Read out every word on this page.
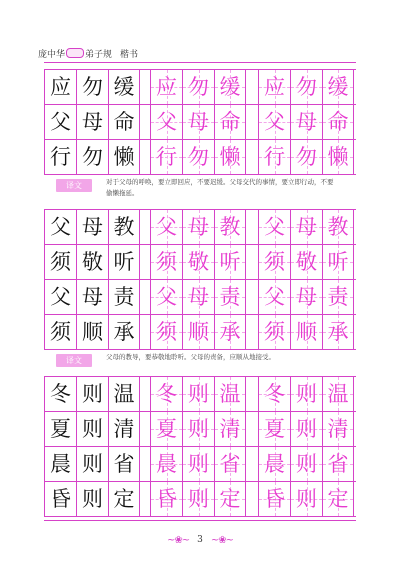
庞中华 弟子规 楷书
应 勿 缓 应 勿 缓 应 勿 缓
父 母 命 父 母 命 父 母 命
行 勿 懒 行 勿 懒 行 勿 懒
译文	对于父母的呼唤，要立即回应，不要迟缓。父母交代的事情，要立即行动，不要偷懒拖延。
父 母 教 父 母 教 父 母 教
须 敬 听 须 敬 听 须 敬 听
父 母 责 父 母 责 父 母 责
须 顺 承 须 顺 承 须 顺 承
译文	父母的教导，要恭敬地聆听。父母的责备，应顺从地接受。
冬 则 温 冬 则 温 冬 则 温
夏 则 清 夏 则 清 夏 则 清
晨 则 省 晨 则 省 晨 则 省
昏 则 定 昏 则 定 昏 则 定
~❀~ 3 ~❀~
